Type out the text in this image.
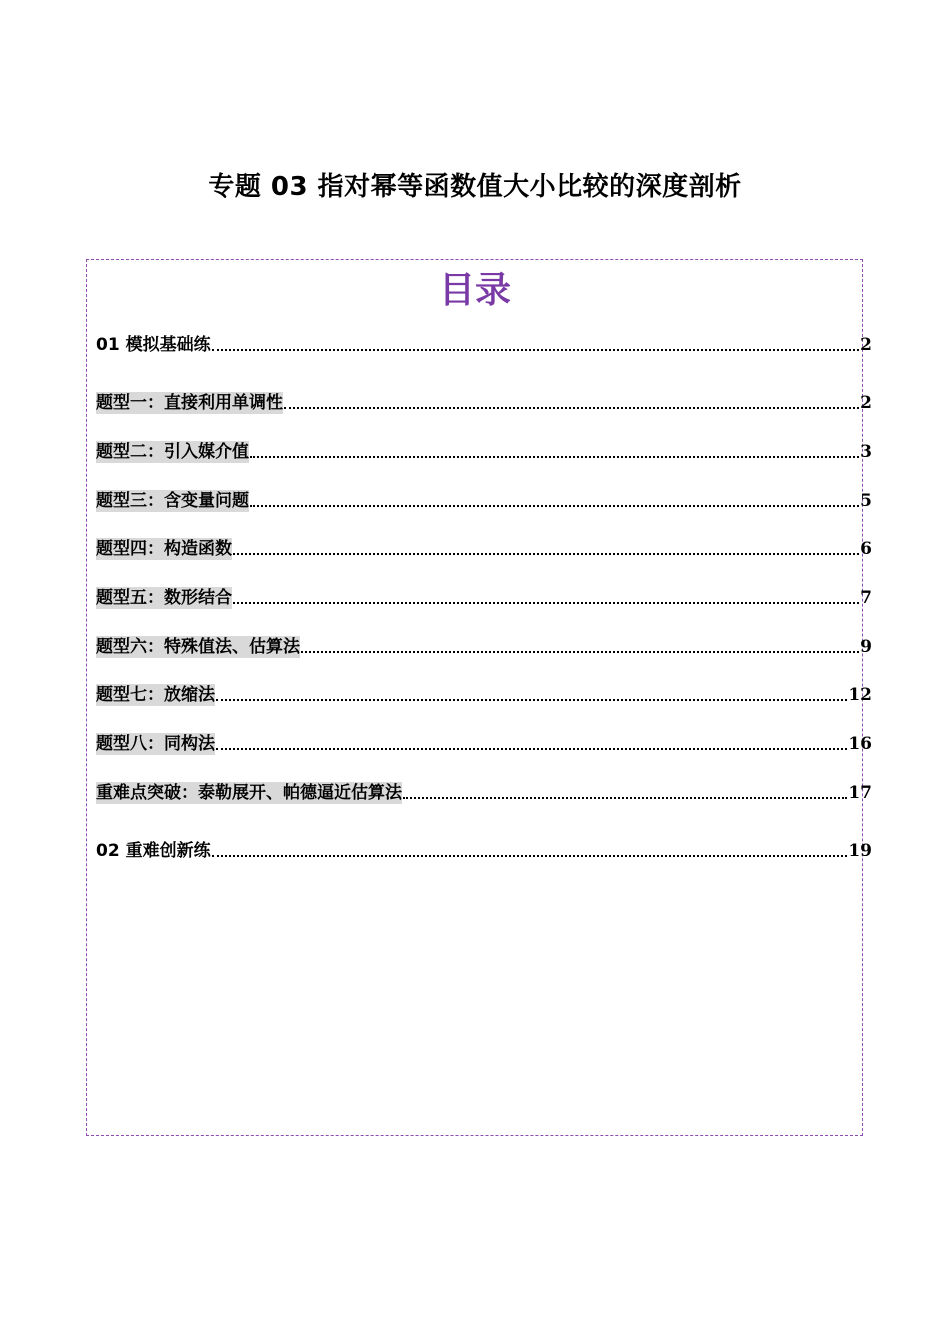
专题 03 指对幂等函数值大小比较的深度剖析
目录
01 模拟基础练	2
题型一：直接利用单调性	2
题型二：引入媒介值	3
题型三：含变量问题	5
题型四：构造函数	6
题型五：数形结合	7
题型六：特殊值法、估算法	9
题型七：放缩法	12
题型八：同构法	16
重难点突破：泰勒展开、帕德逼近估算法	17
02 重难创新练	19
